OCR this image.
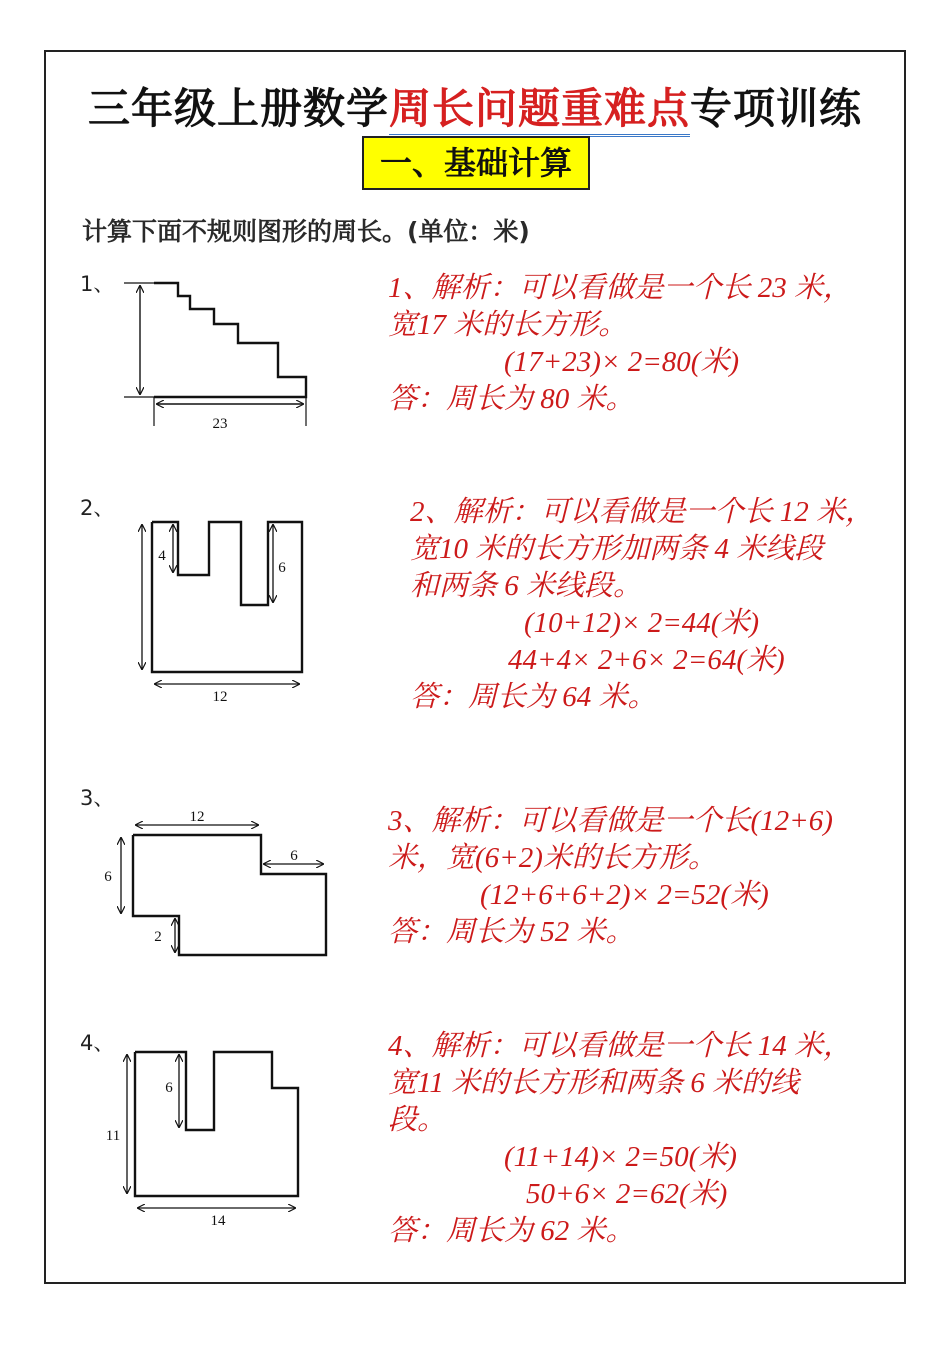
三年级上册数学周长问题重难点专项训练
一、基础计算
计算下面不规则图形的周长。(单位：米)
1、
23
1、解析：可以看做是一个长 23 米，
宽17 米的长方形。
(17+23)× 2=80(米)
答：周长为 80 米。
2、
4
6
12
2、解析：可以看做是一个长 12 米，
宽10 米的长方形加两条 4 米线段
和两条 6 米线段。
(10+12)× 2=44(米)
44+4× 2+6× 2=64(米)
答：周长为 64 米。
3、
12
6
6
2
3、解析：可以看做是一个长(12+6)
米，宽(6+2)米的长方形。
(12+6+6+2)× 2=52(米)
答：周长为 52 米。
4、
11
6
14
4、解析：可以看做是一个长 14 米，
宽11 米的长方形和两条 6 米的线
段。
(11+14)× 2=50(米)
50+6× 2=62(米)
答：周长为 62 米。
